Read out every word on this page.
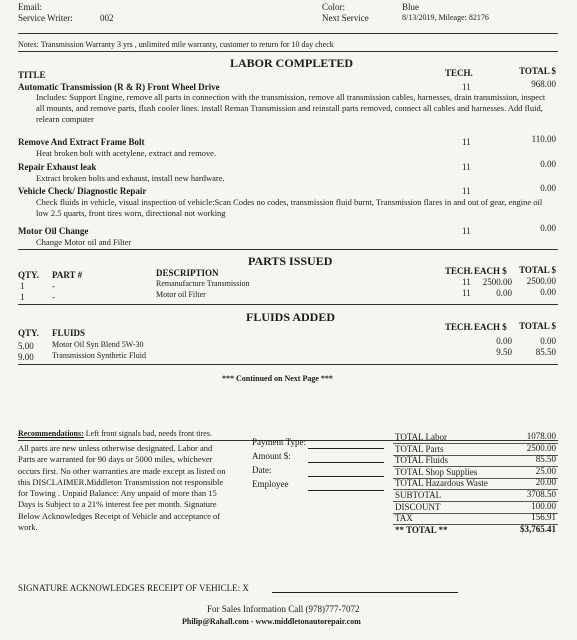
Email:
Service Writer:	002
Color:	Blue
Next Service	8/13/2019, Mileage: 82176
Notes: Transmission Warranty 3 yrs , unlimited mile warranty, customer to return for 10 day check
LABOR COMPLETED
TITLE	TECH.	TOTAL $
Automatic Transmission (R & R) Front Wheel Drive	11	968.00
Includes: Support Engine, remove all parts in connection with the transmission, remove all transmission cables, harnesses, drain transmission, inspect all mounts, and remove parts, flush cooler lines. install Reman Transmission and reinstall parts removed, connect all cables and harnesses. Add fluid, relearn computer
Remove And Extract Frame Bolt	11	110.00
Heat broken bolt with acetylene, extract and remove.
Repair Exhaust leak	11	0.00
Extract broken bolts and exhaust, install new hardware.
Vehicle Check/ Diagnostic Repair	11	0.00
Check fluids in vehicle, visual inspection of vehicle:Scan Codes no codes, transmission fluid burnt, Transmission flares in and out of gear, engine oil low 2.5 quarts, front tires worn, directional not working
Motor Oil Change	11	0.00
Change Motor oil and Filter
PARTS ISSUED
QTY. PART #	DESCRIPTION	TECH. EACH $	TOTAL $
1	-	Remanufacture Transmission	11	2500.00	2500.00
1	-	Motor oil Filter	11	0.00	0.00
FLUIDS ADDED
QTY. FLUIDS
TECH. EACH $	TOTAL $
5.00 Motor Oil Syn Blend 5W-30	0.00	0.00
9.00 Transmission Synthetic Fluid	9.50	85.50
*** Continued on Next Page ***
Recommendations: Left front signals bad, needs front tires.
All parts are new unless otherwise designated. Labor and Parts are warranted for 90 days or 5000 miles, whichever occurs first. No other warranties are made except as listed on this DISCLAIMER.Middleton Transmission not responsible for Towing . Unpaid Balance: Any unpaid of more than 15 Days is Subject to a 21% interest fee per month. Signature Below Acknowledges Receipt of Vehicle and acceptance of work.
Payment Type:
Amount $:
Date:
Employee
TOTAL Labor	1078.00
TOTAL Parts	2500.00
TOTAL Fluids	85.50
TOTAL Shop Supplies	25.00
TOTAL Hazardous Waste	20.00
SUBTOTAL	3708.50
DISCOUNT	100.00
TAX	156.91
** TOTAL **	$3,765.41
SIGNATURE ACKNOWLEDGES RECEIPT OF VEHICLE: X
For Sales Information Call (978)777-7072
Philip@Rahall.com - www.middletonautorepair.com
